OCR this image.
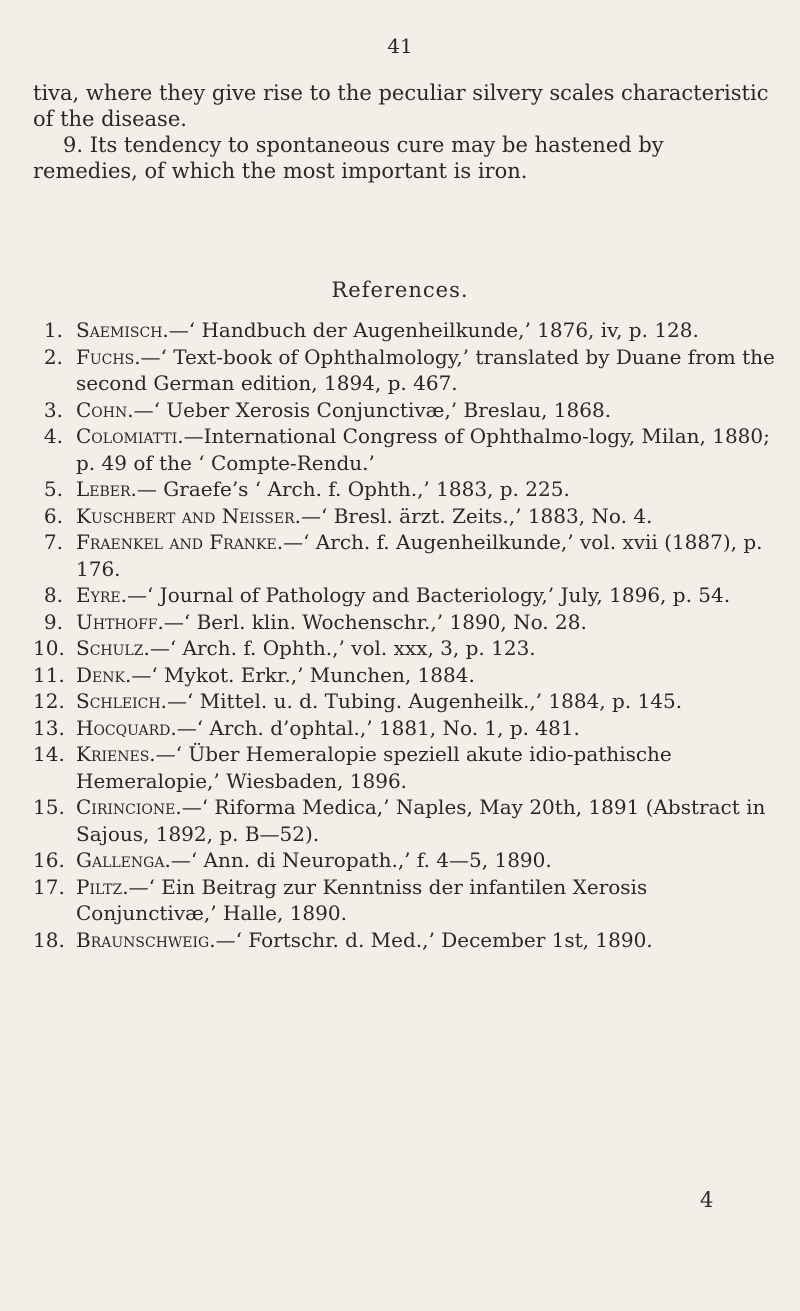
41

tiva, where they give rise to the peculiar silvery scales characteristic of the disease.

9. Its tendency to spontaneous cure may be hastened by remedies, of which the most important is iron.

References.
1. Saemisch.—‘ Handbuch der Augenheilkunde,’ 1876, iv, p. 128.
2. Fuchs.—‘ Text-book of Ophthalmology,’ translated by Duane from the second German edition, 1894, p. 467.
3. Cohn.—‘ Ueber Xerosis Conjunctivæ,’ Breslau, 1868.
4. Colomiatti.—International Congress of Ophthalmo-logy, Milan, 1880; p. 49 of the ‘ Compte-Rendu.’
5. Leber.— Graefe’s ‘ Arch. f. Ophth.,’ 1883, p. 225.
6. Kuschbert and Neisser.—‘ Bresl. ärzt. Zeits.,’ 1883, No. 4.
7. Fraenkel and Franke.—‘ Arch. f. Augenheilkunde,’ vol. xvii (1887), p. 176.
8. Eyre.—‘ Journal of Pathology and Bacteriology,’ July, 1896, p. 54.
9. Uhthoff.—‘ Berl. klin. Wochenschr.,’ 1890, No. 28.
10. Schulz.—‘ Arch. f. Ophth.,’ vol. xxx, 3, p. 123.
11. Denk.—‘ Mykot. Erkr.,’ Munchen, 1884.
12. Schleich.—‘ Mittel. u. d. Tubing. Augenheilk.,’ 1884, p. 145.
13. Hocquard.—‘ Arch. d’ophtal.,’ 1881, No. 1, p. 481.
14. Krienes.—‘ Über Hemeralopie speziell akute idio-pathische Hemeralopie,’ Wiesbaden, 1896.
15. Cirincione.—‘ Riforma Medica,’ Naples, May 20th, 1891 (Abstract in Sajous, 1892, p. B—52).
16. Gallenga.—‘ Ann. di Neuropath.,’ f. 4—5, 1890.
17. Piltz.—‘ Ein Beitrag zur Kenntniss der infantilen Xerosis Conjunctivæ,’ Halle, 1890.
18. Braunschweig.—‘ Fortschr. d. Med.,’ December 1st, 1890.
4
